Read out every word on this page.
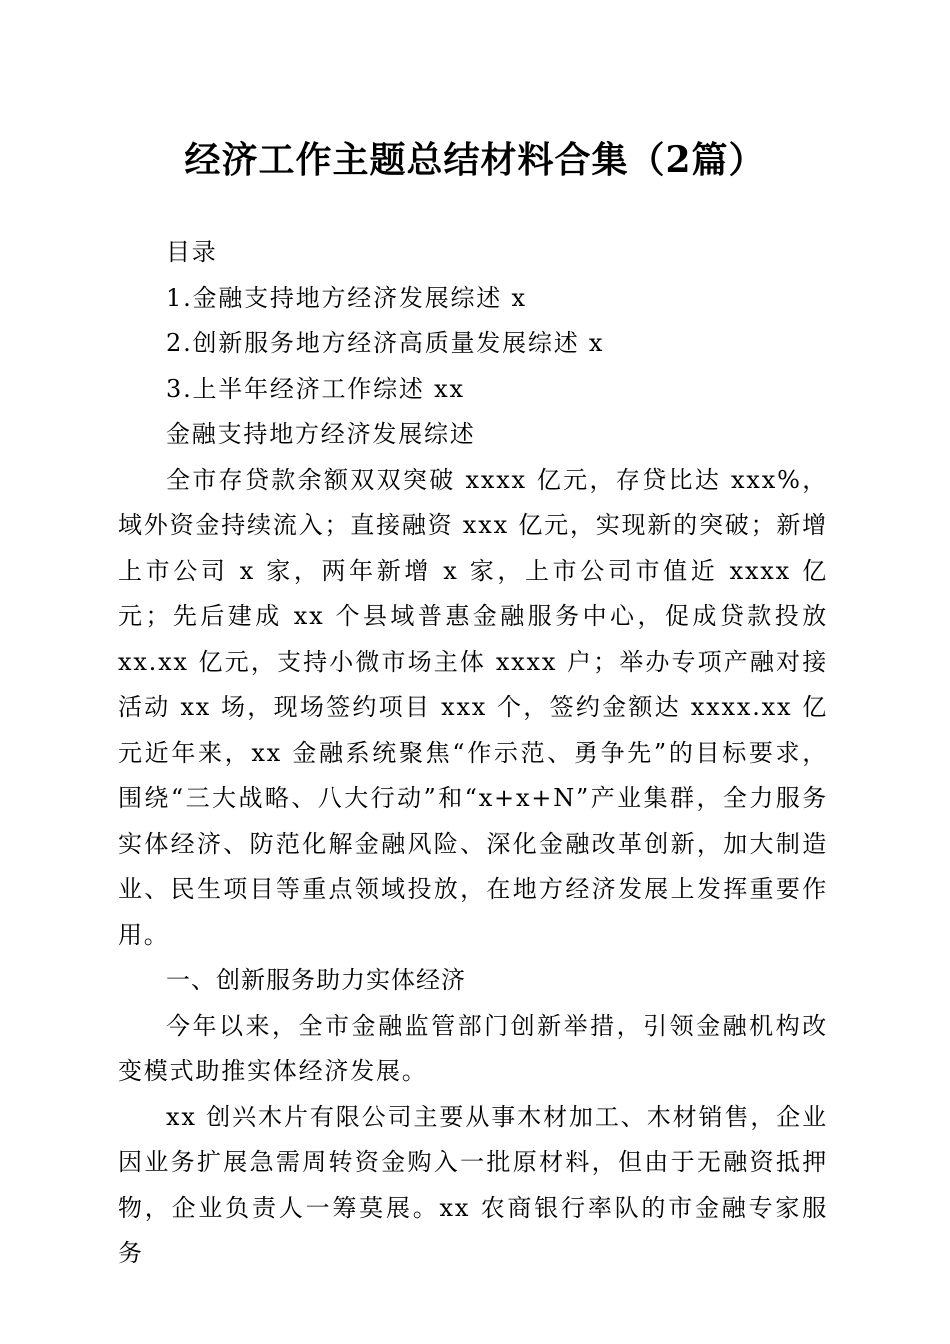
经济工作主题总结材料合集（2篇）

目录

1.金融支持地方经济发展综述 x

2.创新服务地方经济高质量发展综述 x

3.上半年经济工作综述 xx

金融支持地方经济发展综述

全市存贷款余额双双突破 xxxx 亿元，存贷比达 xxx%，域外资金持续流入；直接融资 xxx 亿元，实现新的突破；新增上市公司 x 家，两年新增 x 家，上市公司市值近 xxxx 亿元；先后建成 xx 个县域普惠金融服务中心，促成贷款投放 xx.xx 亿元，支持小微市场主体 xxxx 户；举办专项产融对接活动 xx 场，现场签约项目 xxx 个，签约金额达 xxxx.xx 亿元近年来，xx 金融系统聚焦“作示范、勇争先”的目标要求，围绕“三大战略、八大行动”和“x+x+N”产业集群，全力服务实体经济、防范化解金融风险、深化金融改革创新，加大制造业、民生项目等重点领域投放，在地方经济发展上发挥重要作用。

一、创新服务助力实体经济

今年以来，全市金融监管部门创新举措，引领金融机构改变模式助推实体经济发展。

xx 创兴木片有限公司主要从事木材加工、木材销售，企业因业务扩展急需周转资金购入一批原材料，但由于无融资抵押物，企业负责人一筹莫展。xx 农商银行率队的市金融专家服务
